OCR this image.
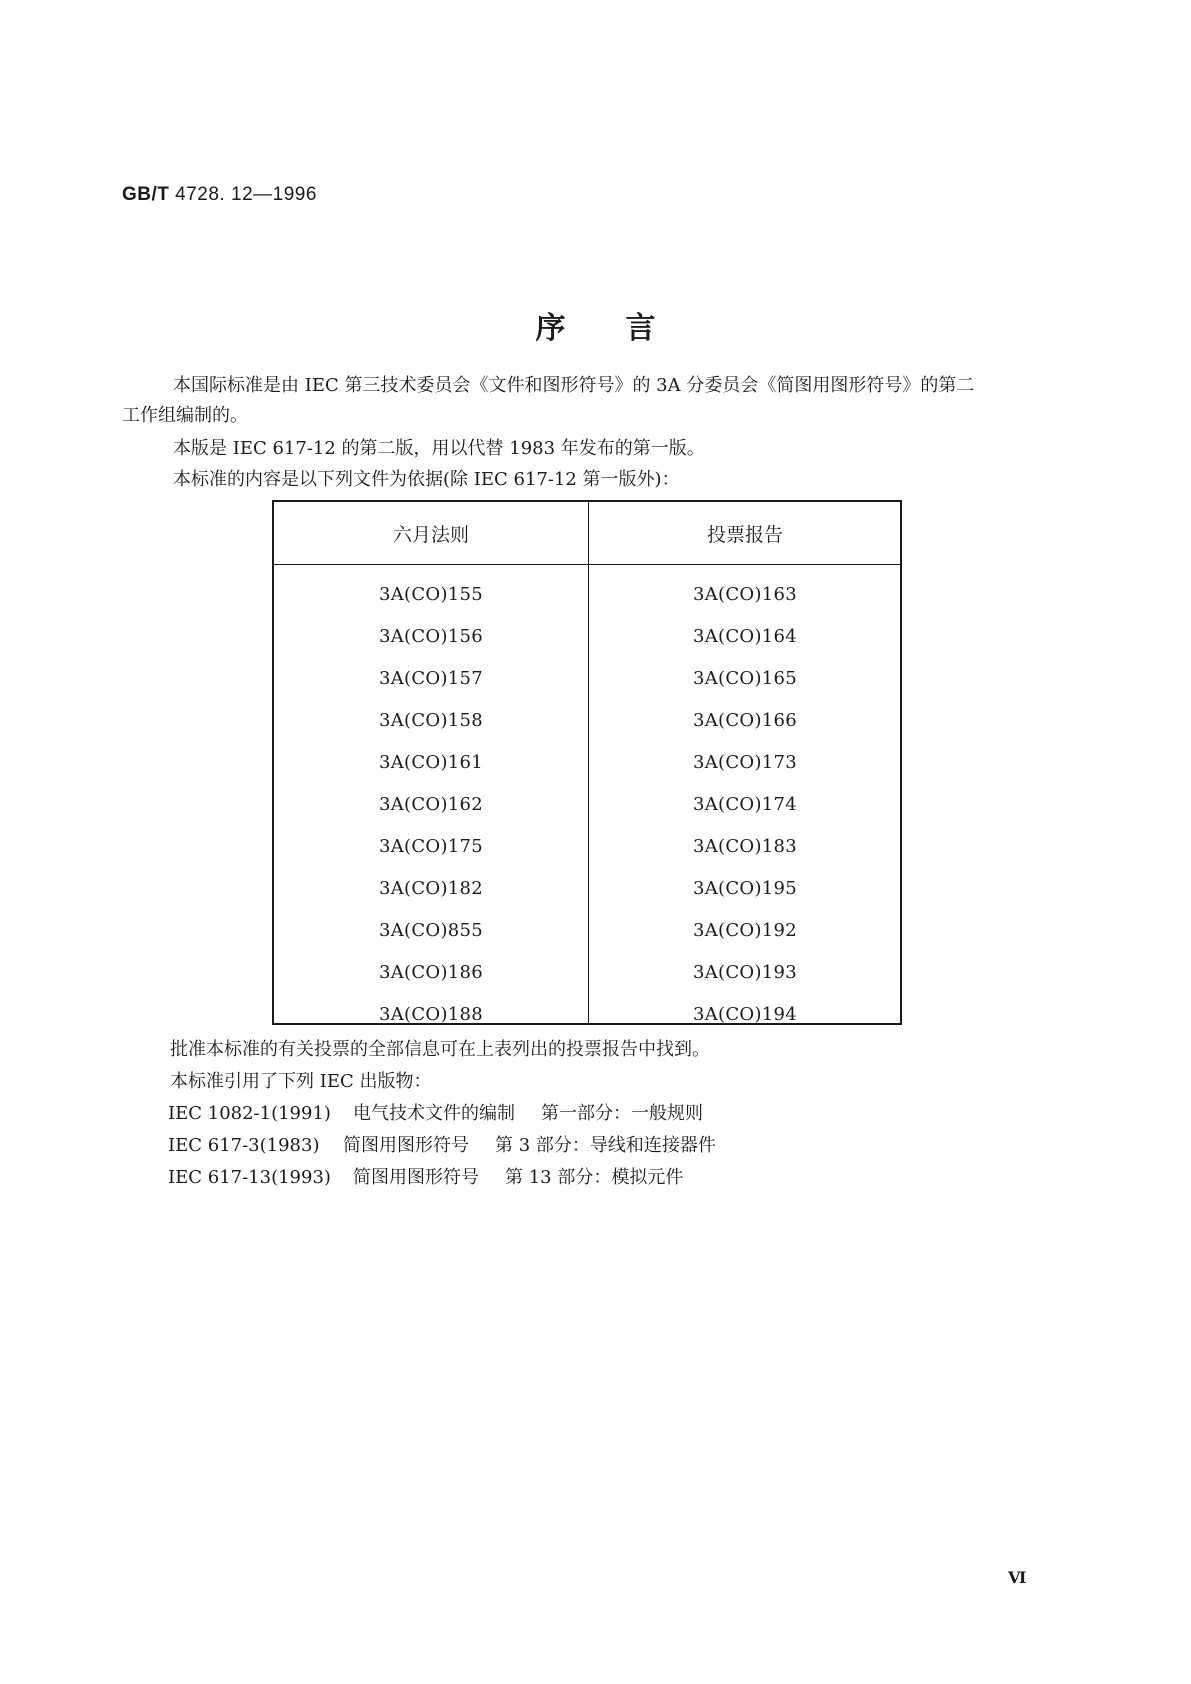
GB/T 4728. 12—1996
序言
本国际标准是由 IEC 第三技术委员会《文件和图形符号》的 3A 分委员会《简图用图形符号》的第二
工作组编制的。
本版是 IEC 617-12 的第二版，用以代替 1983 年发布的第一版。
本标准的内容是以下列文件为依据(除 IEC 617-12 第一版外)：
六月法则	投票报告
3A(CO)155
3A(CO)156
3A(CO)157
3A(CO)158
3A(CO)161
3A(CO)162
3A(CO)175
3A(CO)182
3A(CO)855
3A(CO)186
3A(CO)188
3A(CO)163
3A(CO)164
3A(CO)165
3A(CO)166
3A(CO)173
3A(CO)174
3A(CO)183
3A(CO)195
3A(CO)192
3A(CO)193
3A(CO)194
批准本标准的有关投票的全部信息可在上表列出的投票报告中找到。
本标准引用了下列 IEC 出版物：
IEC 1082-1(1991) 电气技术文件的编制 第一部分：一般规则
IEC 617-3(1983) 简图用图形符号 第 3 部分：导线和连接器件
IEC 617-13(1993) 简图用图形符号 第 13 部分：模拟元件
Ⅵ
